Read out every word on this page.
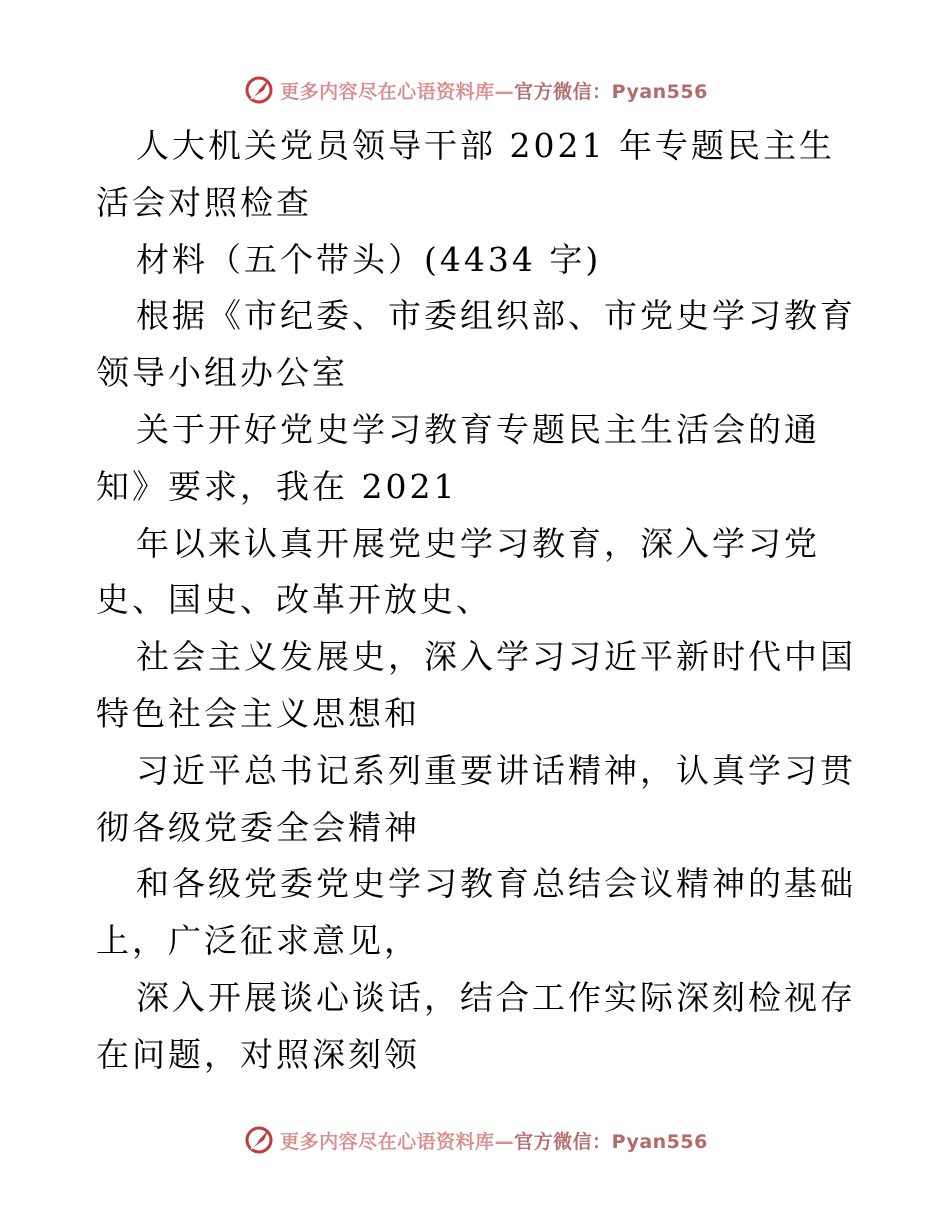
更多内容尽在心语资料库—官方微信：Pyan556

人大机关党员领导干部 2021 年专题民主生活会对照检查

材料（五个带头）(4434 字)

根据《市纪委、市委组织部、市党史学习教育领导小组办公室

关于开好党史学习教育专题民主生活会的通知》要求，我在 2021

年以来认真开展党史学习教育，深入学习党史、国史、改革开放史、

社会主义发展史，深入学习习近平新时代中国特色社会主义思想和

习近平总书记系列重要讲话精神，认真学习贯彻各级党委全会精神

和各级党委党史学习教育总结会议精神的基础上，广泛征求意见，

深入开展谈心谈话，结合工作实际深刻检视存在问题，对照深刻领

更多内容尽在心语资料库—官方微信：Pyan556
